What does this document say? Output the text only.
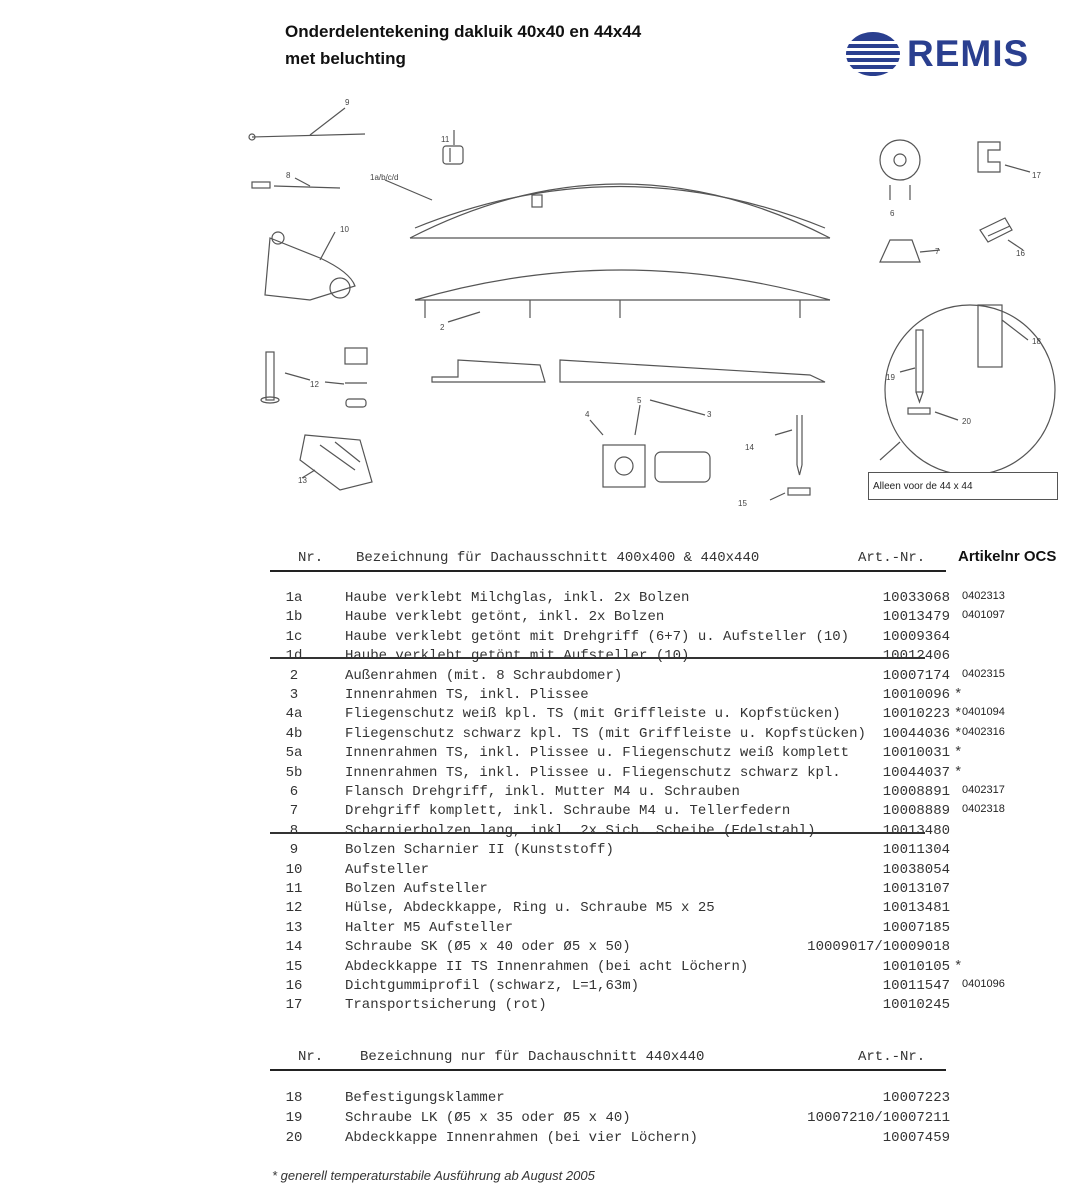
Onderdelentekening dakluik 40x40 en 44x44
met beluchting	REMIS
9
8	1a/b/c/d
11
10
2
12
3
13
4
5
14
15
6
7
17
16
18
19
20
Alleen voor de 44 x 44
Nr. Bezeichnung für Dachausschnitt 400x400 & 440x440	Art.-Nr. Artikelnr OCS
1a	Haube verklebt Milchglas, inkl. 2x Bolzen	10033068 0402313
1b	Haube verklebt getönt, inkl. 2x Bolzen	10013479 0401097
1c	Haube verklebt getönt mit Drehgriff (6+7) u. Aufsteller (10)	10009364
1d	Haube verklebt getönt mit Aufsteller (10)	10012406
2	Außenrahmen (mit. 8 Schraubdomer)	10007174 0402315
3	Innenrahmen TS, inkl. Plissee	10010096 *
4a	Fliegenschutz weiß kpl. TS (mit Griffleiste u. Kopfstücken)	10010223 * 0401094
4b	Fliegenschutz schwarz kpl. TS (mit Griffleiste u. Kopfstücken)	10044036 * 0402316
5a	Innenrahmen TS, inkl. Plissee u. Fliegenschutz weiß komplett	10010031 *
5b	Innenrahmen TS, inkl. Plissee u. Fliegenschutz schwarz kpl.	10044037 *
6	Flansch Drehgriff, inkl. Mutter M4 u. Schrauben	10008891 0402317
7	Drehgriff komplett, inkl. Schraube M4 u. Tellerfedern	10008889 0402318
8	Scharnierbolzen lang, inkl. 2x Sich. Scheibe (Edelstahl)	10013480
9	Bolzen Scharnier II (Kunststoff)	10011304
10	Aufsteller	10038054
11	Bolzen Aufsteller	10013107
12	Hülse, Abdeckkappe, Ring u. Schraube M5 x 25	10013481
13	Halter M5 Aufsteller	10007185
14	Schraube SK (Ø5 x 40 oder Ø5 x 50)	10009017/10009018
15	Abdeckkappe II TS Innenrahmen (bei acht Löchern)	10010105 *
16	Dichtgummiprofil (schwarz, L=1,63m)	10011547 0401096
17	Transportsicherung (rot)	10010245
Nr.	Bezeichnung nur für Dachauschnitt 440x440	Art.-Nr.
18	Befestigungsklammer	10007223
19	Schraube LK (Ø5 x 35 oder Ø5 x 40)	10007210/10007211
20	Abdeckkappe Innenrahmen (bei vier Löchern)	10007459
* generell temperaturstabile Ausführung ab August 2005
